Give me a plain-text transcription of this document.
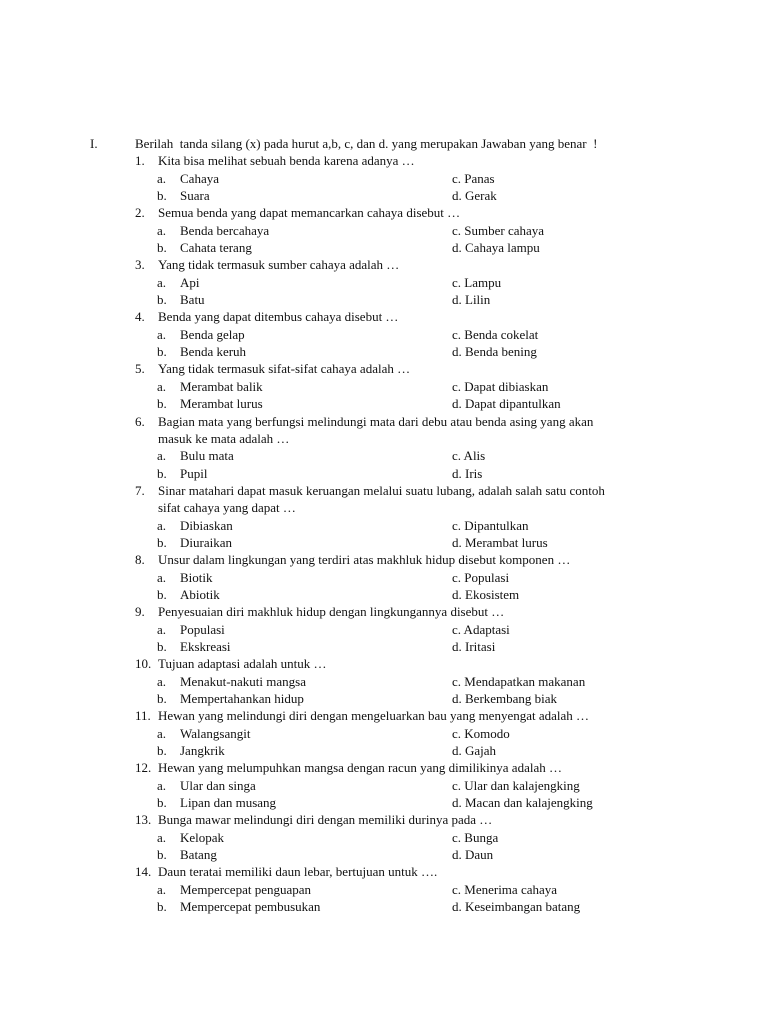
I.	Berilah  tanda silang (x) pada hurut a,b, c, dan d. yang merupakan Jawaban yang benar  !
1. Kita bisa melihat sebuah benda karena adanya …
a. Cahaya	c. Panas
b. Suara	d. Gerak
2. Semua benda yang dapat memancarkan cahaya disebut …
a. Benda bercahaya	c. Sumber cahaya
b. Cahata terang	d. Cahaya lampu
3. Yang tidak termasuk sumber cahaya adalah …
a. Api	c. Lampu
b. Batu	d. Lilin
4. Benda yang dapat ditembus cahaya disebut …
a. Benda gelap	c. Benda cokelat
b. Benda keruh	d. Benda bening
5. Yang tidak termasuk sifat-sifat cahaya adalah …
a. Merambat balik	c. Dapat dibiaskan
b. Merambat lurus	d. Dapat dipantulkan
6. Bagian mata yang berfungsi melindungi mata dari debu atau benda asing yang akan
masuk ke mata adalah …
a. Bulu mata	c. Alis
b. Pupil	d. Iris
7. Sinar matahari dapat masuk keruangan melalui suatu lubang, adalah salah satu contoh
sifat cahaya yang dapat …
a. Dibiaskan	c. Dipantulkan
b. Diuraikan	d. Merambat lurus
8. Unsur dalam lingkungan yang terdiri atas makhluk hidup disebut komponen …
a. Biotik	c. Populasi
b. Abiotik	d. Ekosistem
9. Penyesuaian diri makhluk hidup dengan lingkungannya disebut …
a. Populasi	c. Adaptasi
b. Ekskreasi	d. Iritasi
10. Tujuan adaptasi adalah untuk …
a. Menakut-nakuti mangsa	c. Mendapatkan makanan
b. Mempertahankan hidup	d. Berkembang biak
11. Hewan yang melindungi diri dengan mengeluarkan bau yang menyengat adalah …
a. Walangsangit	c. Komodo
b. Jangkrik	d. Gajah
12. Hewan yang melumpuhkan mangsa dengan racun yang dimilikinya adalah …
a. Ular dan singa	c. Ular dan kalajengking
b. Lipan dan musang	d. Macan dan kalajengking
13. Bunga mawar melindungi diri dengan memiliki durinya pada …
a. Kelopak	c. Bunga
b. Batang	d. Daun
14. Daun teratai memiliki daun lebar, bertujuan untuk ….
a. Mempercepat penguapan	c. Menerima cahaya
b. Mempercepat pembusukan	d. Keseimbangan batang
